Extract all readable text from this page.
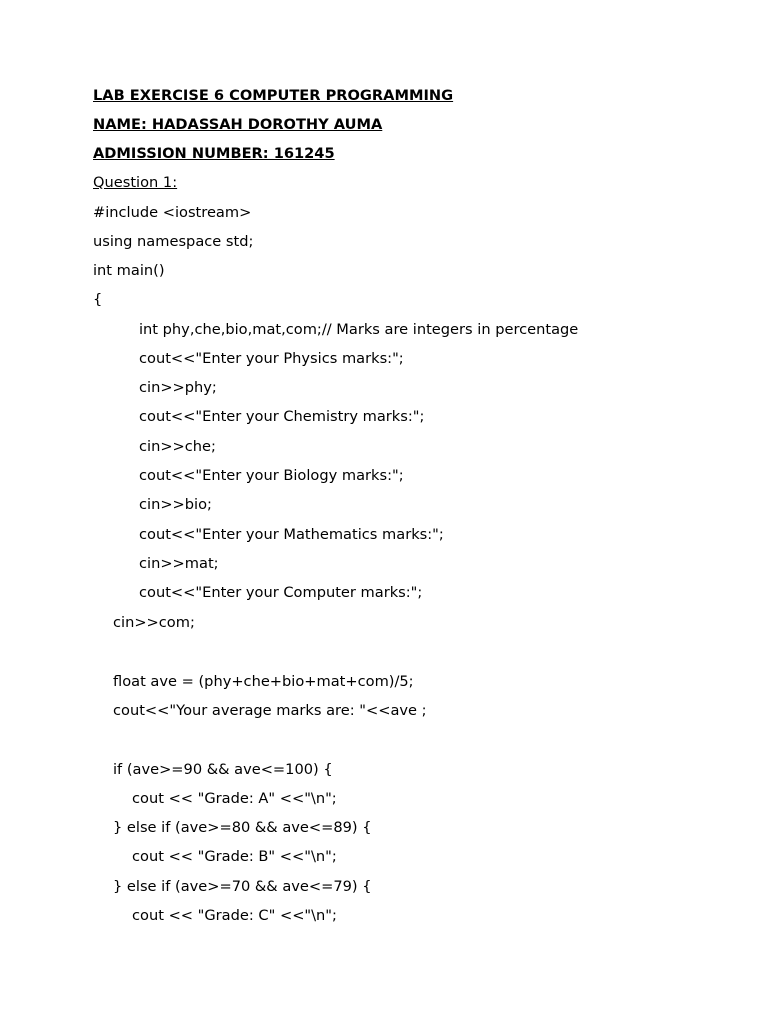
LAB EXERCISE 6 COMPUTER PROGRAMMING
NAME: HADASSAH DOROTHY AUMA
ADMISSION NUMBER: 161245
Question 1:
#include <iostream>
using namespace std;
int main()
{
int phy,che,bio,mat,com;// Marks are integers in percentage
cout<<"Enter your Physics marks:";
cin>>phy;
cout<<"Enter your Chemistry marks:";
cin>>che;
cout<<"Enter your Biology marks:";
cin>>bio;
cout<<"Enter your Mathematics marks:";
cin>>mat;
cout<<"Enter your Computer marks:";
cin>>com;
float ave = (phy+che+bio+mat+com)/5;
cout<<"Your average marks are: "<<ave ;
if (ave>=90 && ave<=100) {
cout << "Grade: A" <<"\n";
} else if (ave>=80 && ave<=89) {
cout << "Grade: B" <<"\n";
} else if (ave>=70 && ave<=79) {
cout << "Grade: C" <<"\n";
